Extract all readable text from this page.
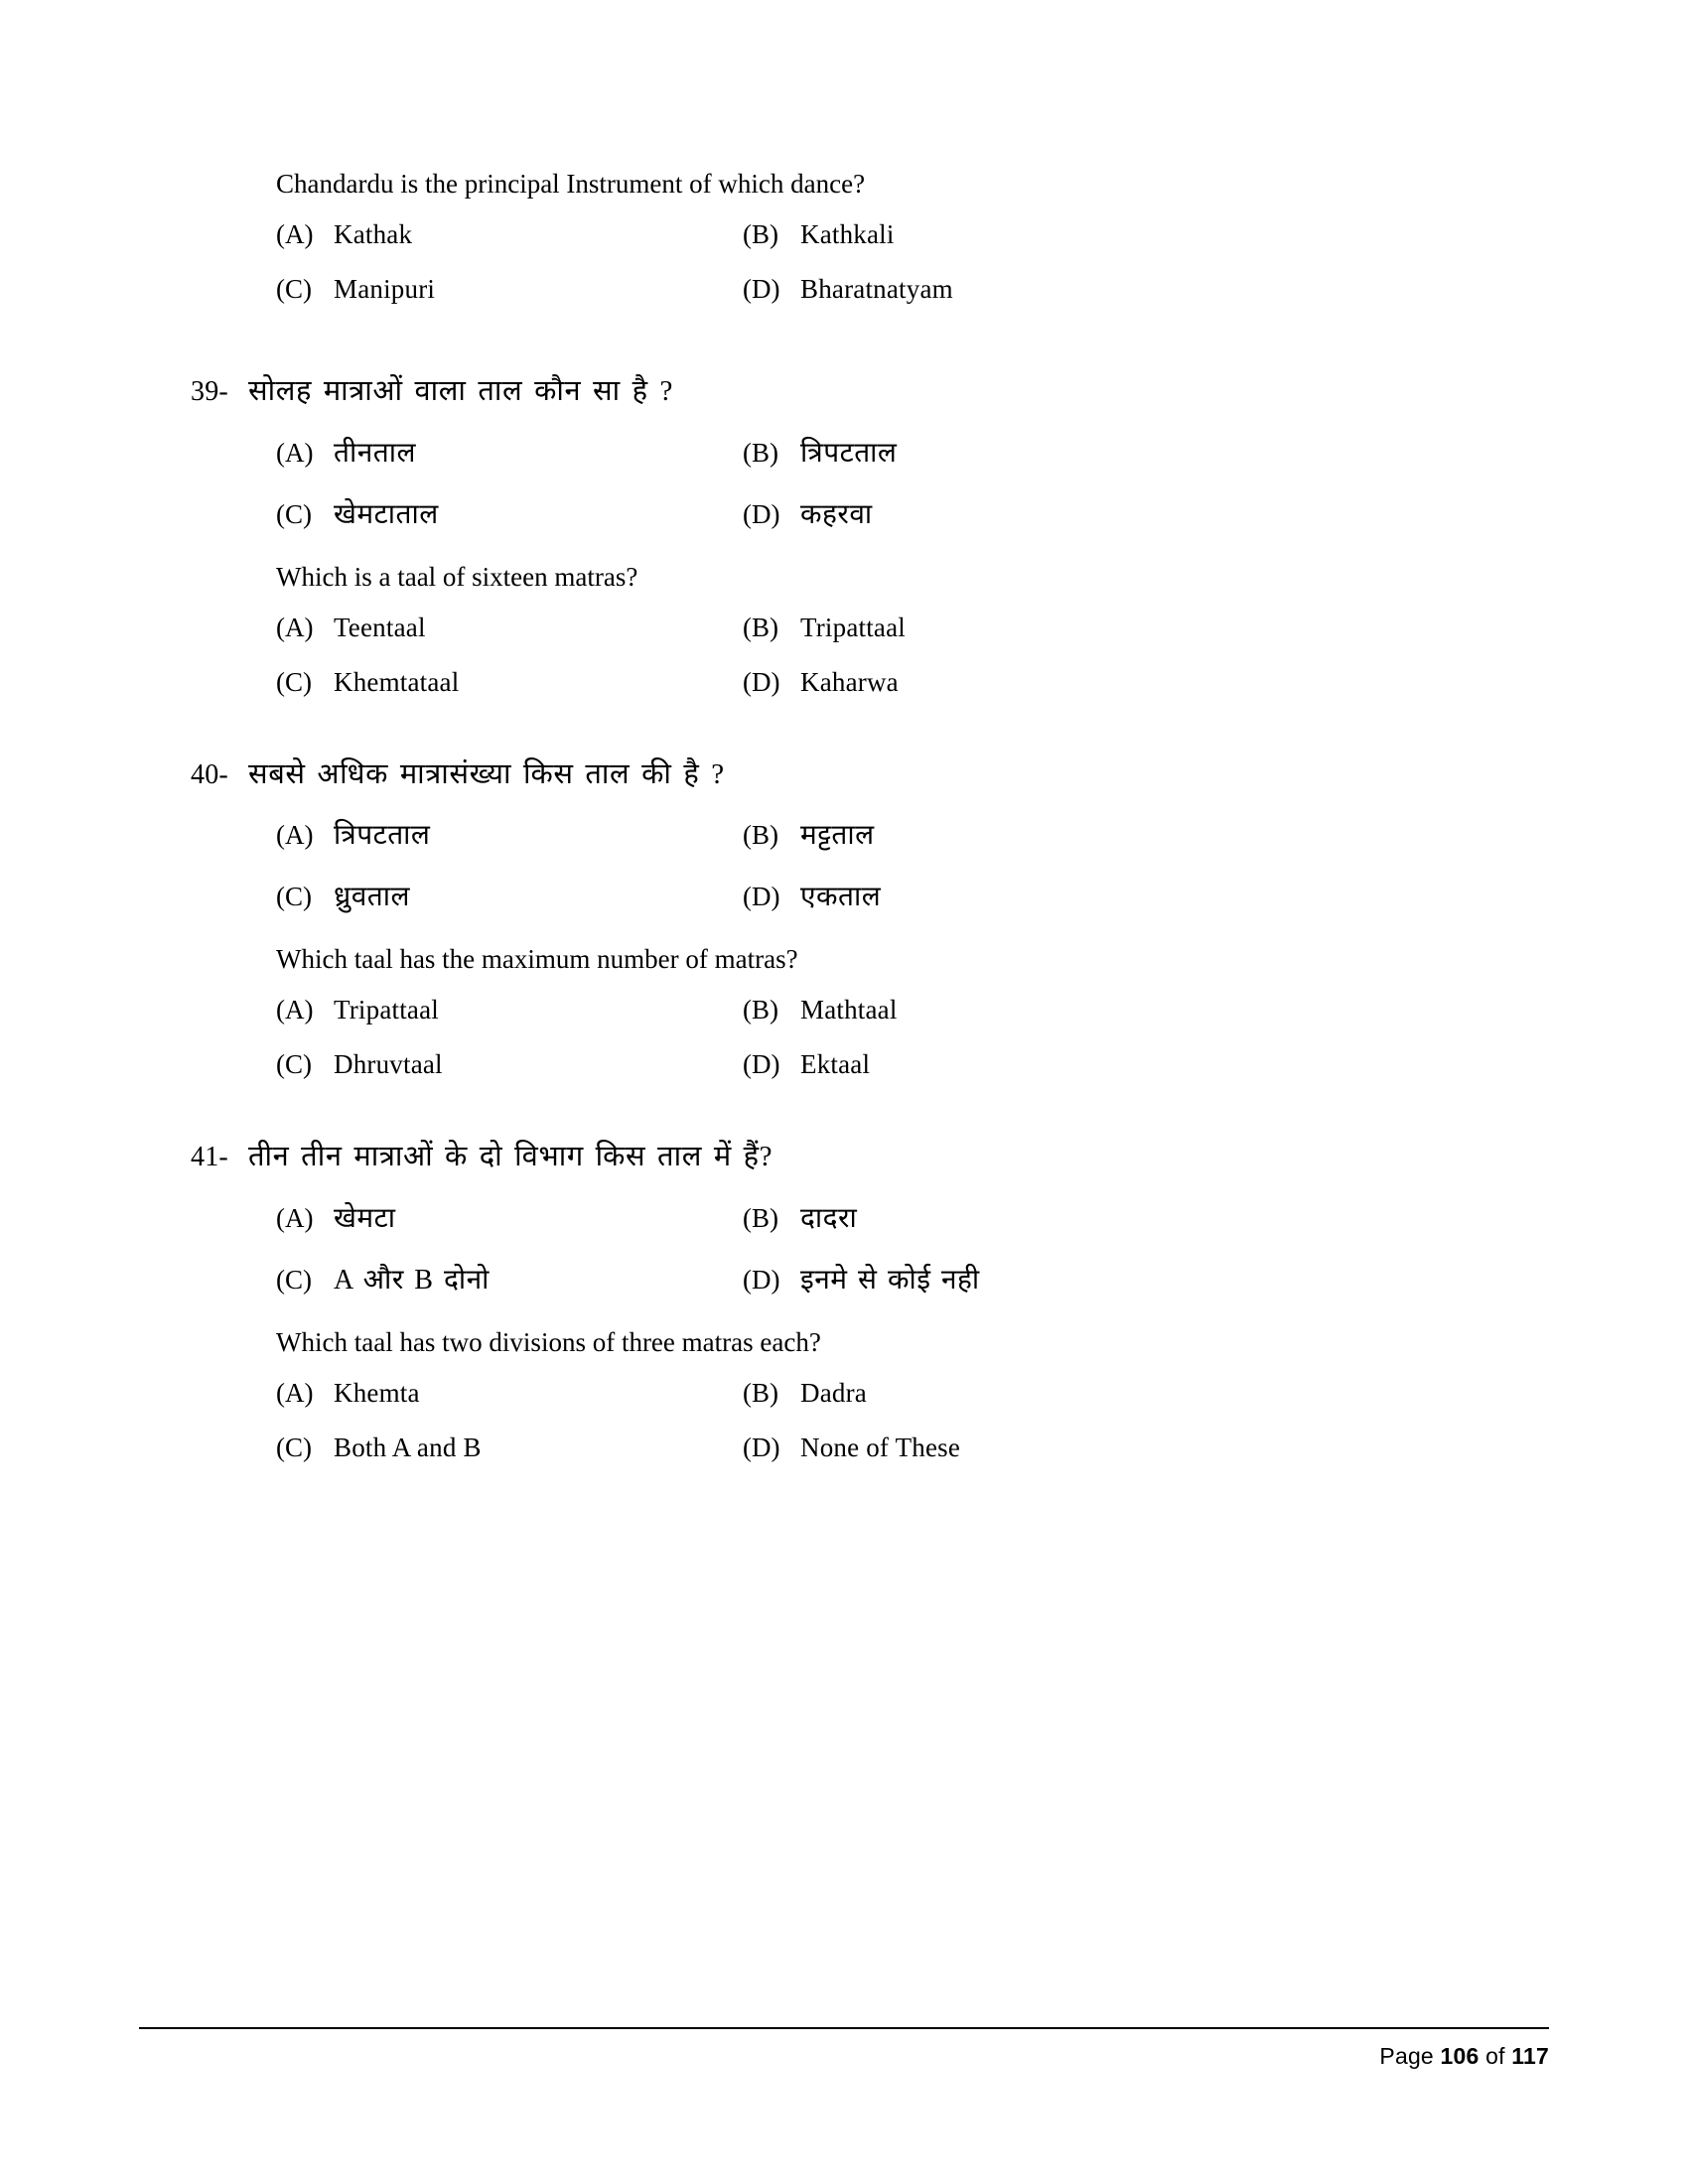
Chandardu is the principal Instrument of which dance?
(A) Kathak	(B) Kathkali
(C) Manipuri	(D) Bharatnatyam
39- सोलह मात्राओं वाला ताल कौन सा है ?
(A) तीनताल	(B) त्रिपटताल
(C) खेमटाताल	(D) कहरवा
Which is a taal of sixteen matras?
(A) Teentaal	(B) Tripattaal
(C) Khemtataal	(D) Kaharwa
40- सबसे अधिक मात्रासंख्या किस ताल की है ?
(A) त्रिपटताल	(B) मट्टताल
(C) ध्रुवताल	(D) एकताल
Which taal has the maximum number of matras?
(A) Tripattaal	(B) Mathtaal
(C) Dhruvtaal	(D) Ektaal
41- तीन तीन मात्राओं के दो विभाग किस ताल में हैं?
(A) खेमटा	(B) दादरा
(C) A और B दोनो	(D) इनमे से कोई नही
Which taal has two divisions of three matras each?
(A) Khemta	(B) Dadra
(C) Both A and B	(D) None of These
Page 106 of 117
